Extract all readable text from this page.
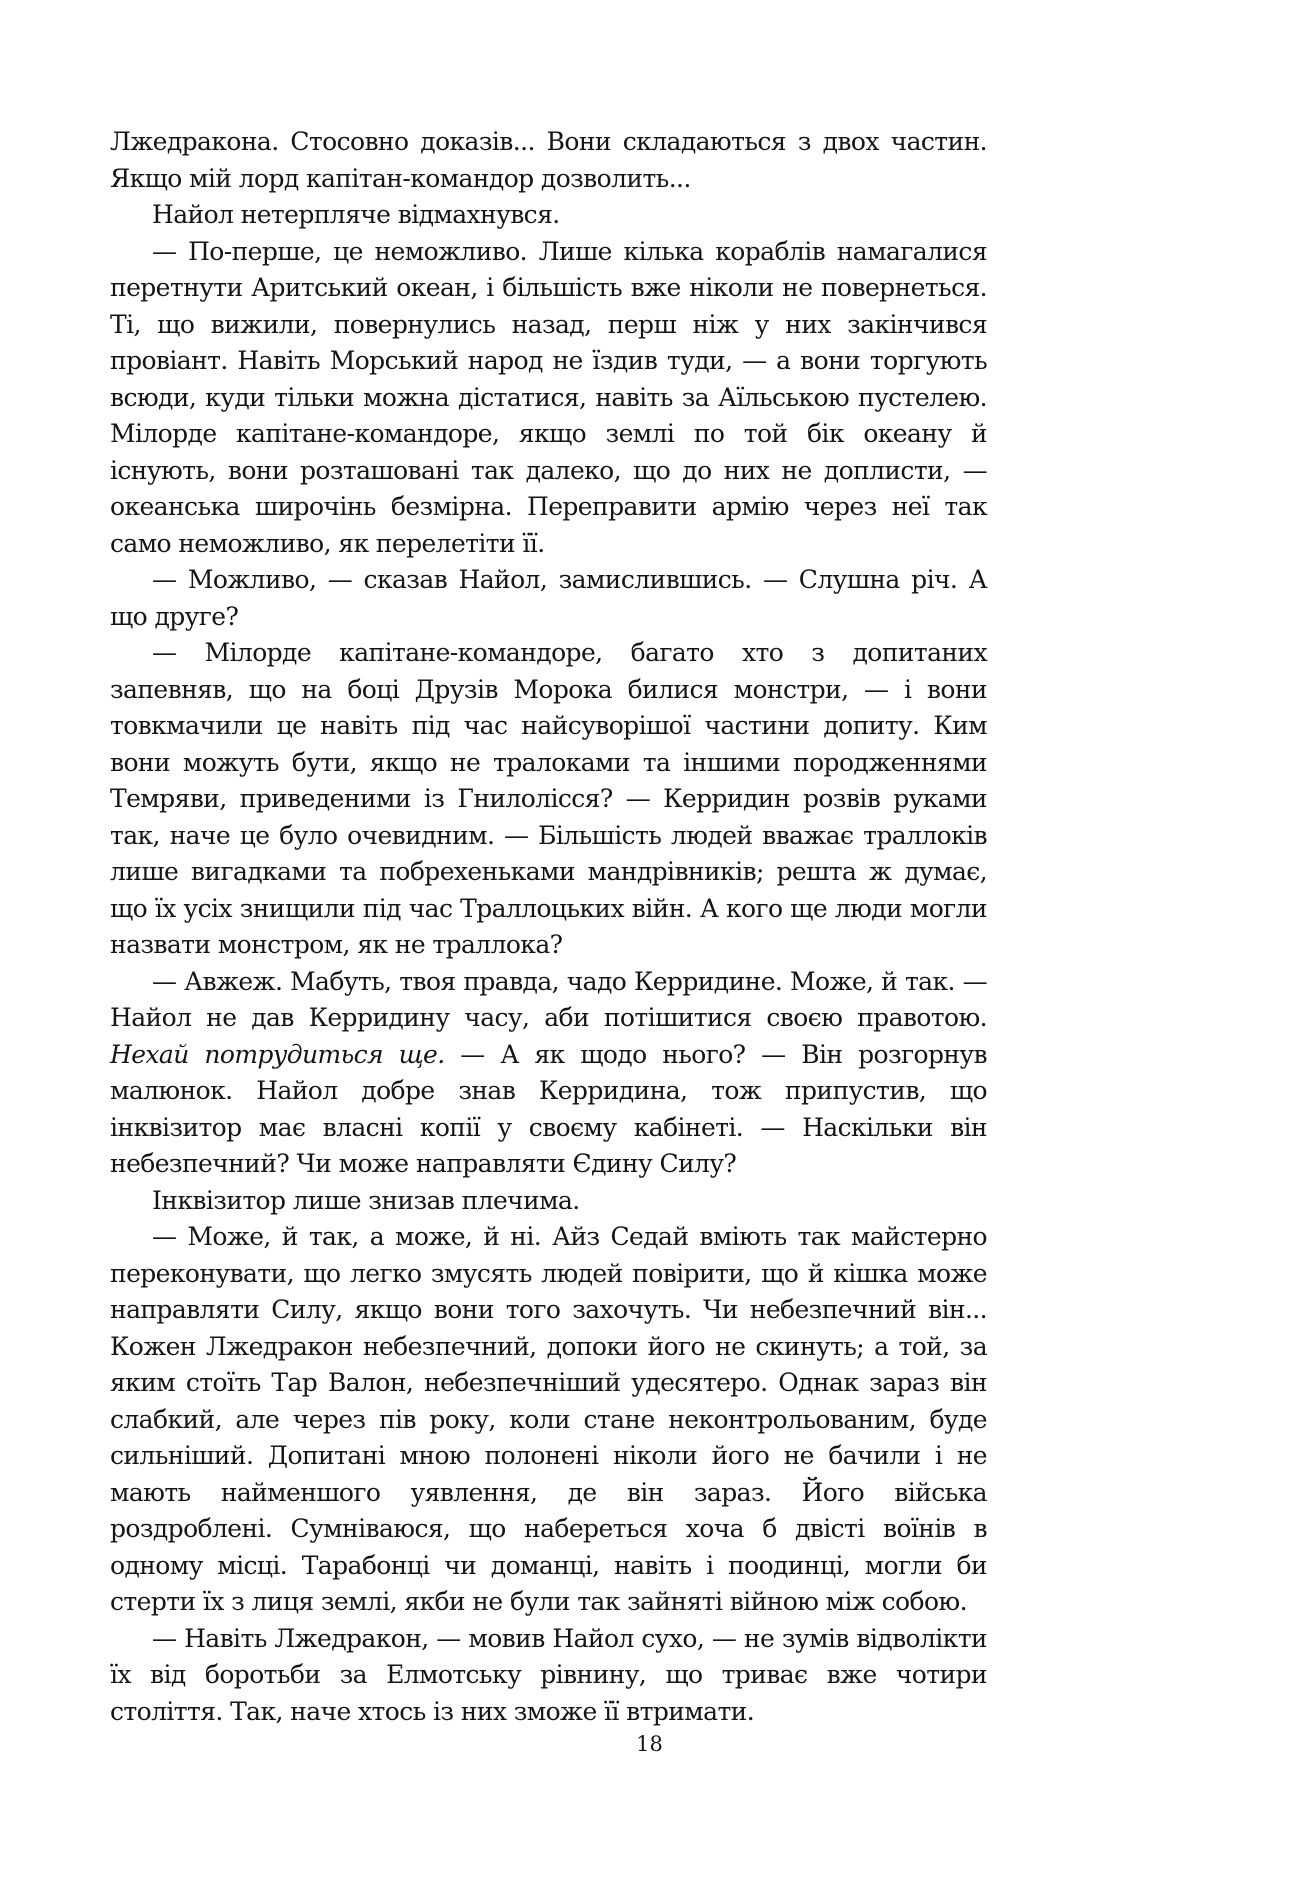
Лжедракона. Стосовно доказів... Вони складаються з двох частин. Якщо мій лорд капітан-командор дозволить...

Найол нетерпляче відмахнувся.

— По-перше, це неможливо. Лише кілька кораблів намагалися перетнути Аритський океан, і більшість вже ніколи не повернеться. Ті, що вижили, повернулись назад, перш ніж у них закінчився провіант. Навіть Морський народ не їздив туди, — а вони торгують всюди, куди тільки можна дістатися, навіть за Аїльською пустелею. Мілорде капітане-командоре, якщо землі по той бік океану й існують, вони розташовані так далеко, що до них не доплисти, — океанська широчінь безмірна. Переправити армію через неї так само неможливо, як перелетіти її.

— Можливо, — сказав Найол, замислившись. — Слушна річ. А що друге?

— Мілорде капітане-командоре, багато хто з допитаних запевняв, що на боці Друзів Морока билися монстри, — і вони товкмачили це навіть під час найсуворішої частини допиту. Ким вони можуть бути, якщо не тралоками та іншими породженнями Темряви, приведеними із Гнилолісся? — Керридин розвів руками так, наче це було очевидним. — Більшість людей вважає траллоків лише вигадками та побрехеньками мандрівників; решта ж думає, що їх усіх знищили під час Траллоцьких війн. А кого ще люди могли назвати монстром, як не траллока?

— Авжеж. Мабуть, твоя правда, чадо Керридине. Може, й так. — Найол не дав Керридину часу, аби потішитися своєю правотою. Нехай потрудиться ще. — А як щодо нього? — Він розгорнув малюнок. Найол добре знав Керридина, тож припустив, що інквізитор має власні копії у своєму кабінеті. — Наскільки він небезпечний? Чи може направляти Єдину Силу?

Інквізитор лише знизав плечима.

— Може, й так, а може, й ні. Айз Седай вміють так майстерно переконувати, що легко змусять людей повірити, що й кішка може направляти Силу, якщо вони того захочуть. Чи небезпечний він... Кожен Лжедракон небезпечний, допоки його не скинуть; а той, за яким стоїть Тар Валон, небезпечніший удесятеро. Однак зараз він слабкий, але через пів року, коли стане неконтрольованим, буде сильніший. Допитані мною полонені ніколи його не бачили і не мають найменшого уявлення, де він зараз. Його війська роздроблені. Сумніваюся, що набереться хоча б двісті воїнів в одному місці. Тарабонці чи доманці, навіть і поодинці, могли би стерти їх з лиця землі, якби не були так зайняті війною між собою.

— Навіть Лжедракон, — мовив Найол сухо, — не зумів відволікти їх від боротьби за Елмотську рівнину, що триває вже чотири століття. Так, наче хтось із них зможе її втримати.

18
